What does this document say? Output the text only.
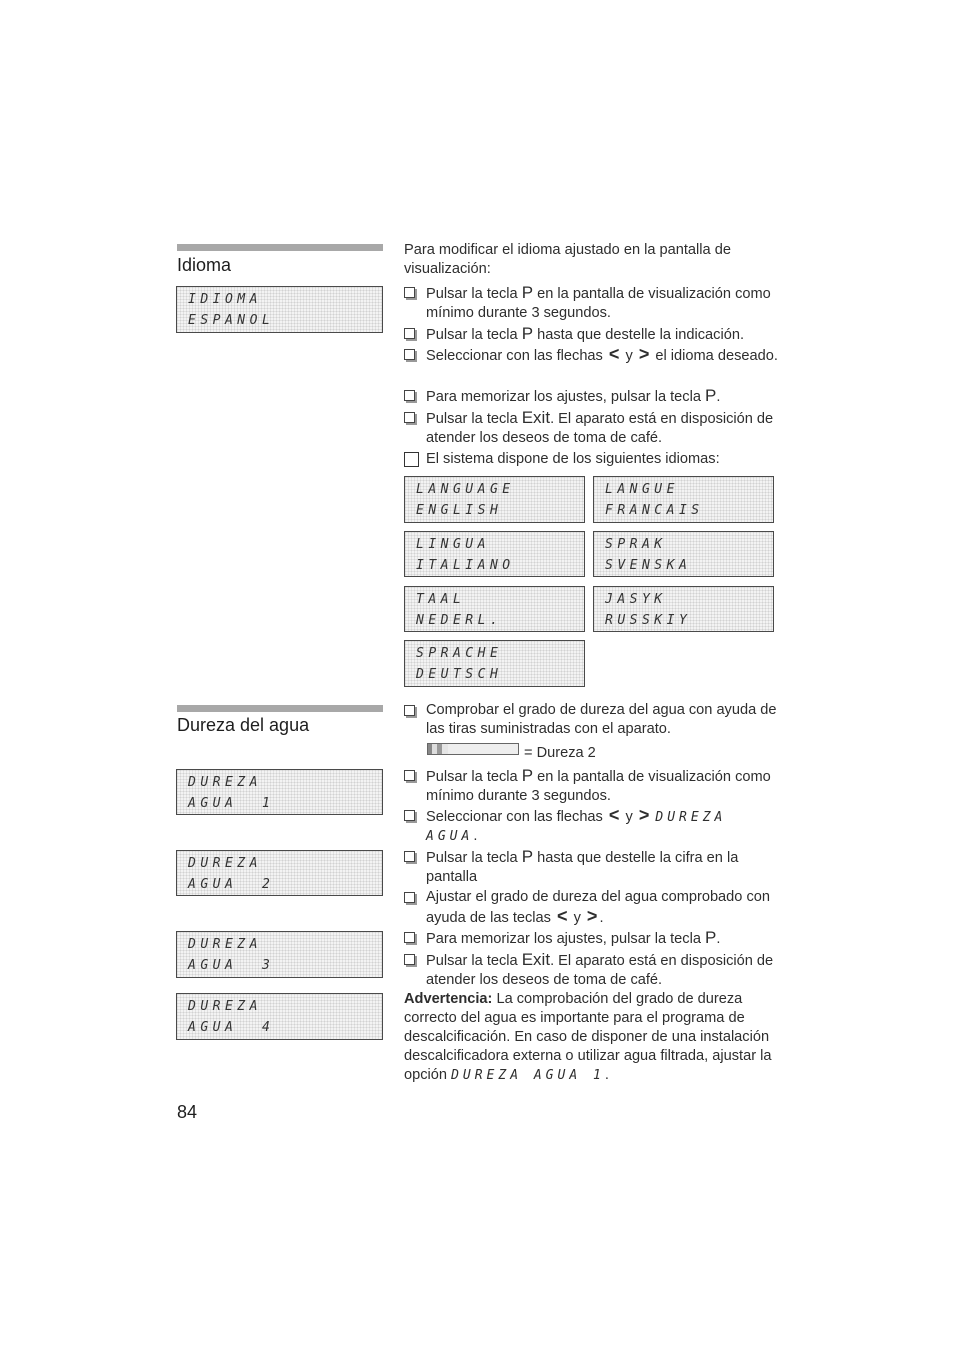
Idioma
IDIOMA
ESPANOL
Para modificar el idioma ajustado en la pantalla de visualización:
Pulsar la tecla P en la pantalla de visualización como mínimo durante 3 segundos.
Pulsar la tecla P hasta que destelle la indicación.
Seleccionar con las flechas < y > el idioma deseado.
Para memorizar los ajustes, pulsar la tecla P.
Pulsar la tecla Exit. El aparato está en disposición de atender los deseos de toma de café.
El sistema dispone de los siguientes idiomas:
LANGUAGE
ENGLISH
LANGUE
FRANCAIS
LINGUA
ITALIANO
SPRAK
SVENSKA
TAAL
NEDERL.
JASYK
RUSSKIY
SPRACHE
DEUTSCH
Dureza del agua
DUREZA
AGUA  1
DUREZA
AGUA  2
DUREZA
AGUA  3
DUREZA
AGUA  4
Comprobar el grado de dureza del agua con ayuda de las tiras suministradas con el aparato.
= Dureza 2
Pulsar la tecla P en la pantalla de visualización como mínimo durante 3 segundos.
Seleccionar con las flechas < y > DUREZA AGUA.
Pulsar la tecla P hasta que destelle la cifra en la pantalla
Ajustar el grado de dureza del agua comprobado con ayuda de las teclas < y > .
Para memorizar los ajustes, pulsar la tecla P.
Pulsar la tecla Exit. El aparato está en disposición de atender los deseos de toma de café.
Advertencia: La comprobación del grado de dureza correcto del agua es importante para el programa de descalcificación. En caso de disponer de una instalación descalcificadora externa o utilizar agua filtrada, ajustar la opción DUREZA AGUA 1.
84
